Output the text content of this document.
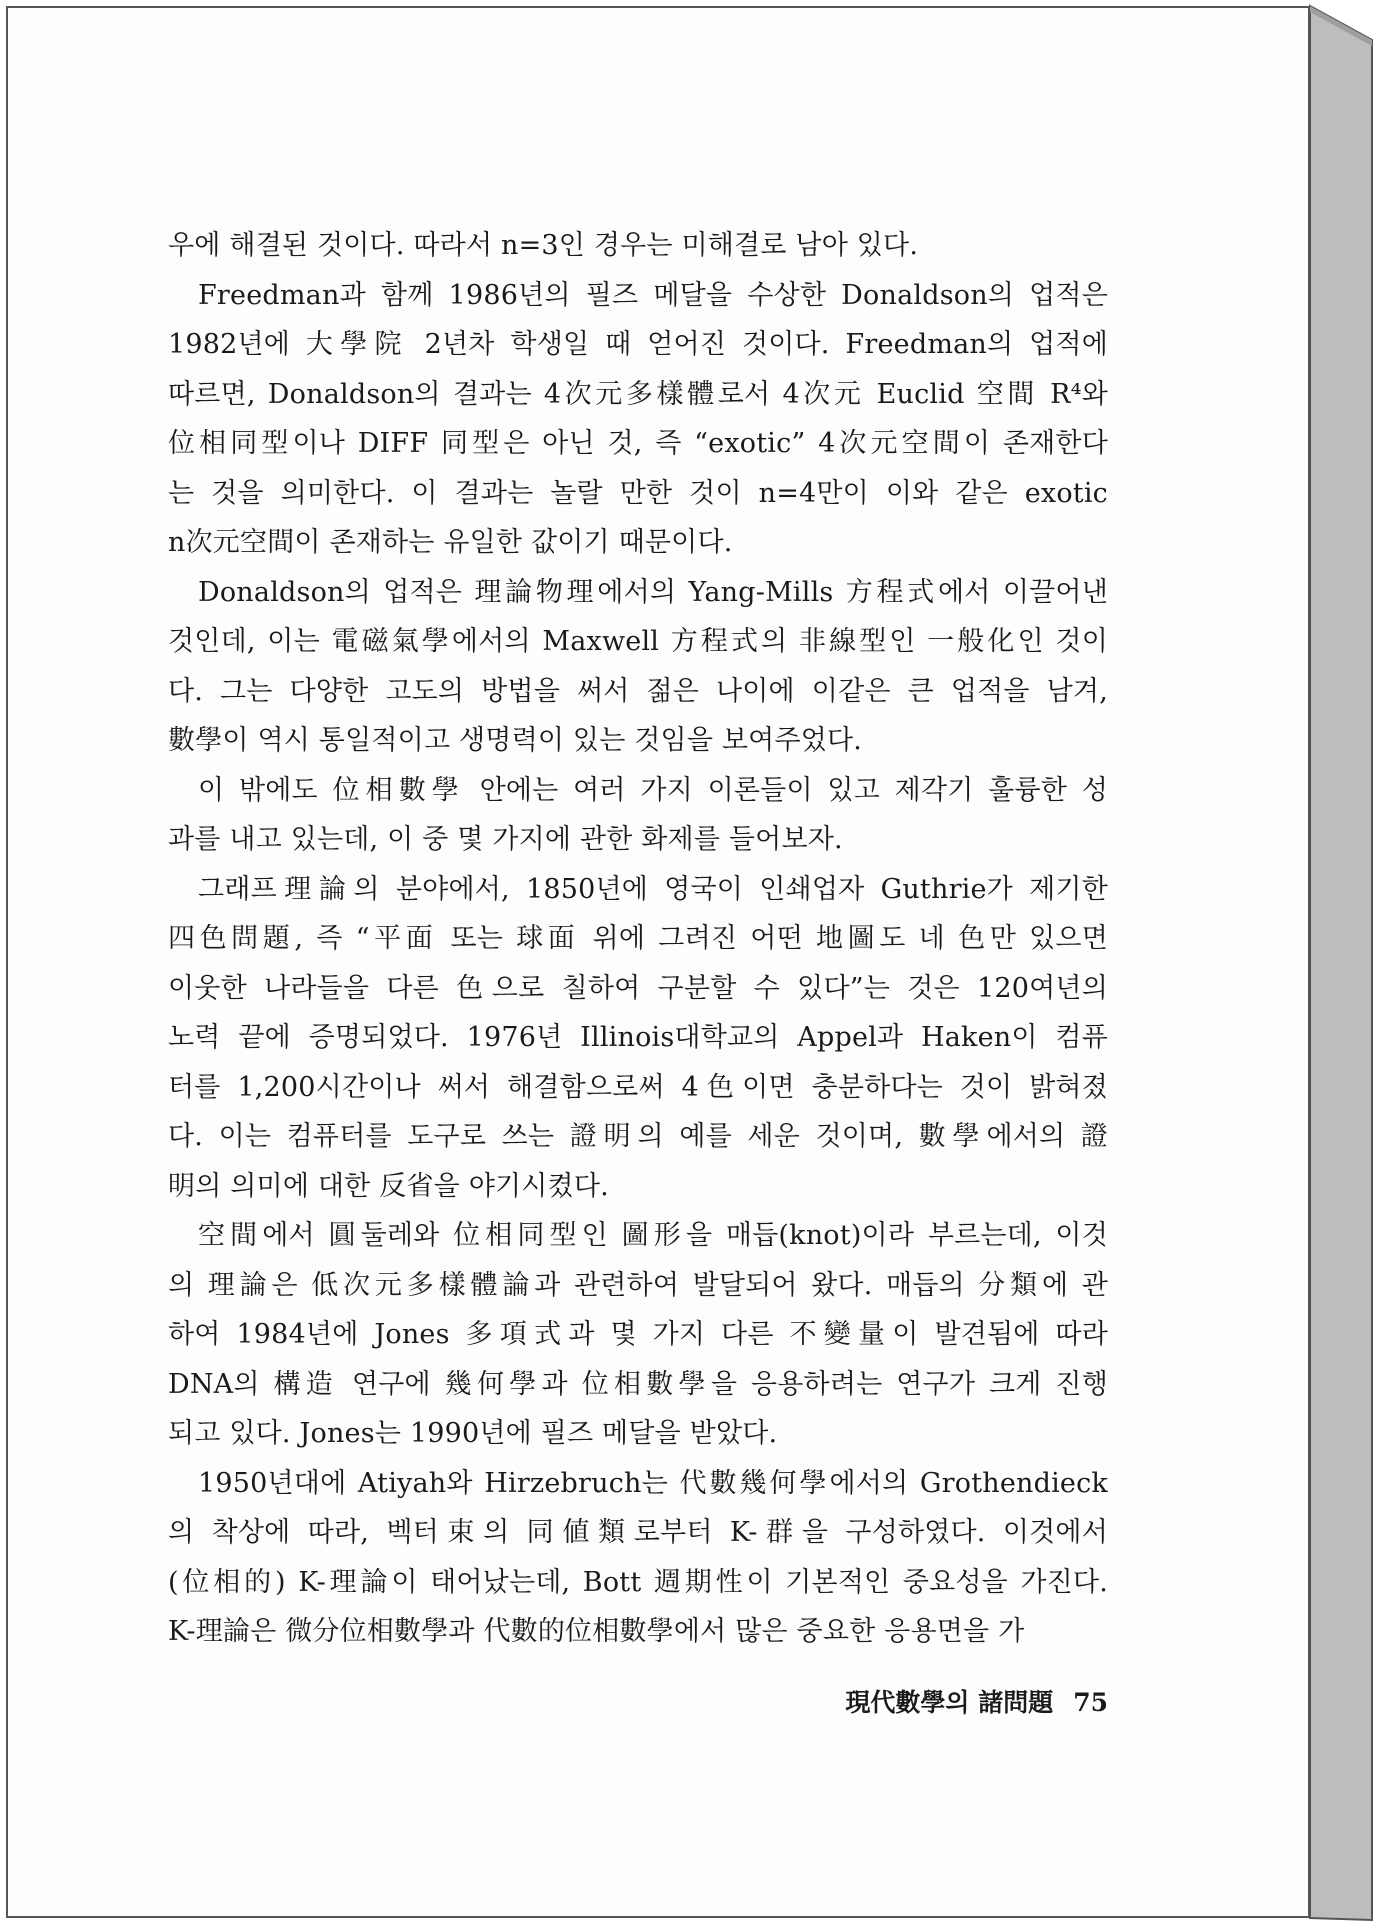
우에 해결된 것이다. 따라서 n=3인 경우는 미해결로 남아 있다.
Freedman과 함께 1986년의 필즈 메달을 수상한 Donaldson의 업적은
1982년에 大學院 2년차 학생일 때 얻어진 것이다. Freedman의 업적에
따르면, Donaldson의 결과는 4次元多樣體로서 4次元 Euclid 空間 R⁴와
位相同型이나 DIFF 同型은 아닌 것, 즉 “exotic” 4次元空間이 존재한다
는 것을 의미한다. 이 결과는 놀랄 만한 것이 n=4만이 이와 같은 exotic
n次元空間이 존재하는 유일한 값이기 때문이다.
Donaldson의 업적은 理論物理에서의 Yang-Mills 方程式에서 이끌어낸
것인데, 이는 電磁氣學에서의 Maxwell 方程式의 非線型인 一般化인 것이
다. 그는 다양한 고도의 방법을 써서 젊은 나이에 이같은 큰 업적을 남겨,
數學이 역시 통일적이고 생명력이 있는 것임을 보여주었다.
이 밖에도 位相數學 안에는 여러 가지 이론들이 있고 제각기 훌륭한 성
과를 내고 있는데, 이 중 몇 가지에 관한 화제를 들어보자.
그래프理論의 분야에서, 1850년에 영국이 인쇄업자 Guthrie가 제기한
四色問題, 즉 “平面 또는 球面 위에 그려진 어떤 地圖도 네 色만 있으면
이웃한 나라들을 다른 色으로 칠하여 구분할 수 있다”는 것은 120여년의
노력 끝에 증명되었다. 1976년 Illinois대학교의 Appel과 Haken이 컴퓨
터를 1,200시간이나 써서 해결함으로써 4色이면 충분하다는 것이 밝혀졌
다. 이는 컴퓨터를 도구로 쓰는 證明의 예를 세운 것이며, 數學에서의 證
明의 의미에 대한 反省을 야기시켰다.
空間에서 圓둘레와 位相同型인 圖形을 매듭(knot)이라 부르는데, 이것
의 理論은 低次元多樣體論과 관련하여 발달되어 왔다. 매듭의 分類에 관
하여 1984년에 Jones 多項式과 몇 가지 다른 不變量이 발견됨에 따라
DNA의 構造 연구에 幾何學과 位相數學을 응용하려는 연구가 크게 진행
되고 있다. Jones는 1990년에 필즈 메달을 받았다.
1950년대에 Atiyah와 Hirzebruch는 代數幾何學에서의 Grothendieck
의 착상에 따라, 벡터束의 同値類로부터 K-群을 구성하였다. 이것에서
(位相的) K-理論이 태어났는데, Bott 週期性이 기본적인 중요성을 가진다.
K-理論은 微分位相數學과 代數的位相數學에서 많은 중요한 응용면을 가
現代數學의 諸問題 75
